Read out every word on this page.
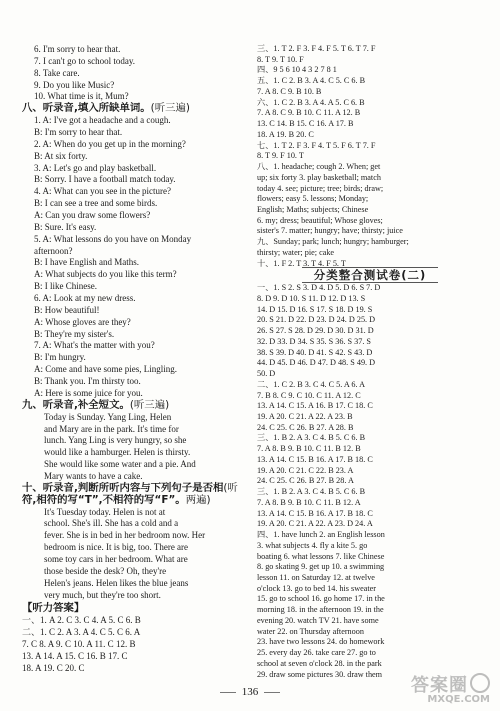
6. I'm sorry to hear that.
7. I can't go to school today.
8. Take care.
9. Do you like Music?
10. What time is it, Mum?
八、听录音,填入所缺单词。(听三遍)
1. A: I've got a headache and a cough.
B: I'm sorry to hear that.
2. A: When do you get up in the morning?
B: At six forty.
3. A: Let's go and play basketball.
B: Sorry. I have a football match today.
4. A: What can you see in the picture?
B: I can see a tree and some birds.
A: Can you draw some flowers?
B: Sure. It's easy.
5. A: What lessons do you have on Monday
afternoon?
B: I have English and Maths.
A: What subjects do you like this term?
B: I like Chinese.
6. A: Look at my new dress.
B: How beautiful!
A: Whose gloves are they?
B: They're my sister's.
7. A: What's the matter with you?
B: I'm hungry.
A: Come and have some pies, Lingling.
B: Thank you. I'm thirsty too.
A: Here is some juice for you.
九、听录音,补全短文。(听三遍)
Today is Sunday. Yang Ling, Helen
and Mary are in the park. It's time for
lunch. Yang Ling is very hungry, so she
would like a hamburger. Helen is thirsty.
She would like some water and a pie. And
Mary wants to have a cake.
十、听录音,判断所听内容与下列句子是否相(听
符,相符的写“T”,不相符的写“F”。两遍)
It's Tuesday today. Helen is not at
school. She's ill. She has a cold and a
fever. She is in bed in her bedroom now. Her
bedroom is nice. It is big, too. There are
some toy cars in her bedroom. What are
those beside the desk? Oh, they're
Helen's jeans. Helen likes the blue jeans
very much, but they're too short.
【听力答案】
一、1. A 2. C 3. C 4. A 5. C 6. B
二、1. C 2. A 3. A 4. C 5. C 6. A
7. C 8. A 9. C 10. A 11. C 12. B
13. A 14. A 15. C 16. B 17. C
18. A 19. C 20. C
三、1. T 2. F 3. F 4. F 5. T 6. T 7. F
8. T 9. T 10. F
四、9 5 6 10 4 3 2 7 8 1
五、1. C 2. B 3. A 4. C 5. C 6. B
7. A 8. C 9. B 10. B
六、1. C 2. B 3. A 4. A 5. C 6. B
7. A 8. C 9. B 10. C 11. A 12. B
13. C 14. B 15. C 16. A 17. B
18. A 19. B 20. C
七、1. T 2. F 3. F 4. T 5. F 6. T 7. F
8. T 9. F 10. T
八、1. headache; cough 2. When; get
up; six forty 3. play basketball; match
today 4. see; picture; tree; birds; draw;
flowers; easy 5. lessons; Monday;
English; Maths; subjects; Chinese
6. my; dress; beautiful; Whose gloves;
sister's 7. matter; hungry; have; thirsty; juice
九、Sunday; park; lunch; hungry; hamburger;
thirsty; water; pie; cake
十、1. F 2. T 3. T 4. F 5. T
分类整合测试卷(二)
一、1. S 2. S 3. D 4. D 5. D 6. S 7. D
8. D 9. D 10. S 11. D 12. D 13. S
14. D 15. D 16. S 17. S 18. D 19. S
20. S 21. D 22. D 23. D 24. D 25. D
26. S 27. S 28. D 29. D 30. D 31. D
32. D 33. D 34. S 35. S 36. S 37. S
38. S 39. D 40. D 41. S 42. S 43. D
44. D 45. D 46. D 47. D 48. S 49. D
50. D
二、1. C 2. B 3. C 4. C 5. A 6. A
7. B 8. C 9. C 10. C 11. A 12. C
13. A 14. C 15. A 16. B 17. C 18. C
19. A 20. C 21. A 22. A 23. B
24. C 25. C 26. B 27. A 28. B
三、1. B 2. A 3. C 4. B 5. C 6. B
7. A 8. B 9. B 10. C 11. B 12. B
13. A 14. C 15. B 16. A 17. B 18. C
19. A 20. C 21. C 22. B 23. A
24. C 25. C 26. B 27. B 28. A
三、1. B 2. A 3. C 4. B 5. C 6. B
7. A 8. B 9. B 10. C 11. B 12. A
13. A 14. C 15. B 16. A 17. B 18. C
19. A 20. C 21. A 22. A 23. D 24. A
四、1. have lunch 2. an English lesson
3. what subjects 4. fly a kite 5. go
boating 6. what lessons 7. like Chinese
8. go skating 9. get up 10. a swimming
lesson 11. on Saturday 12. at twelve
o'clock 13. go to bed 14. his sweater
15. go to school 16. go home 17. in the
morning 18. in the afternoon 19. in the
evening 20. watch TV 21. have some
water 22. on Thursday afternoon
23. have two lessons 24. do homework
25. every day 26. take care 27. go to
school at seven o'clock 28. in the park
29. draw some pictures 30. draw them
136	答案圈
MXQE.COM
